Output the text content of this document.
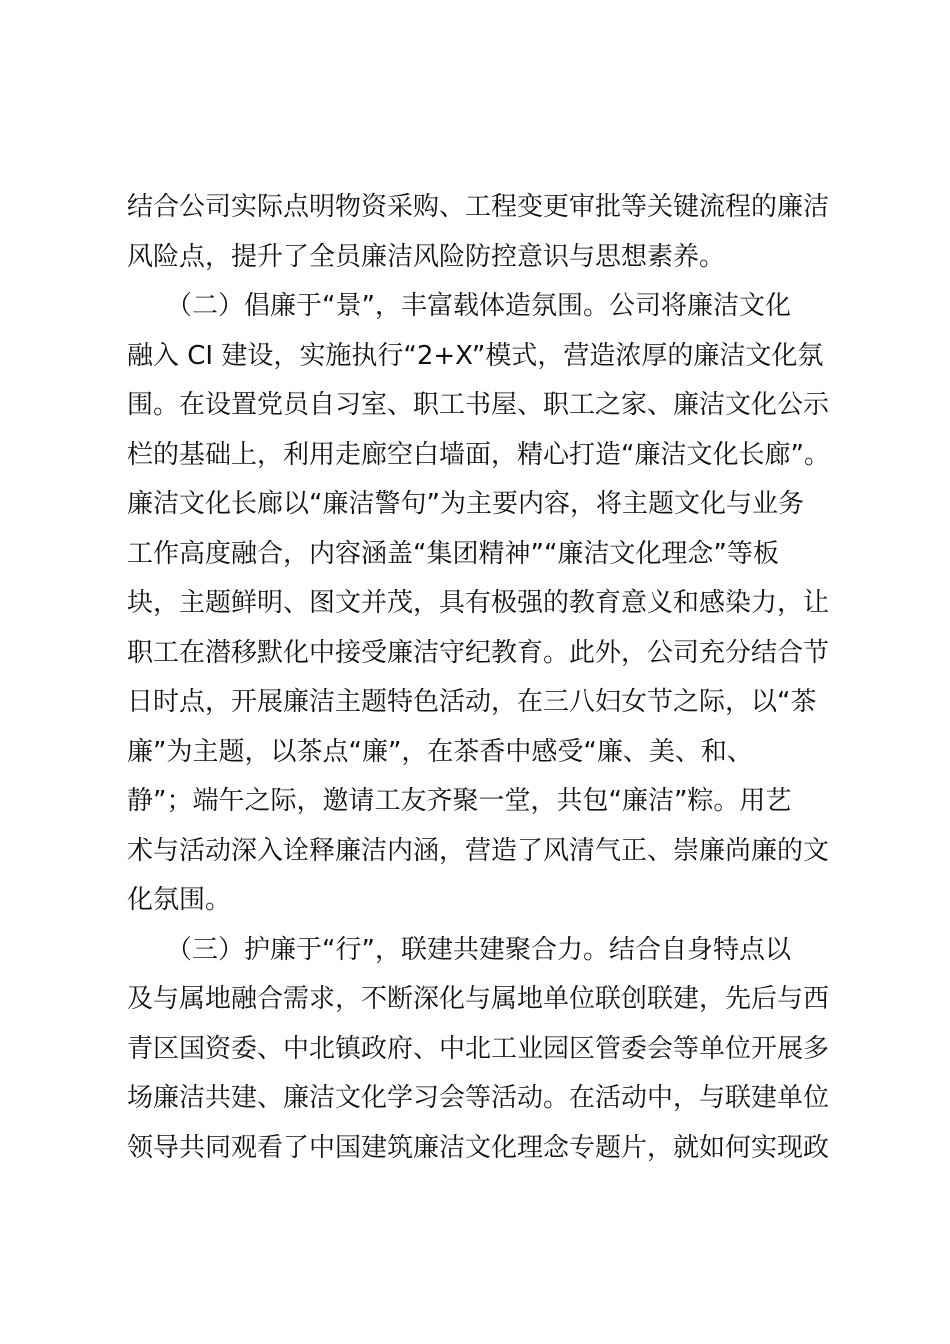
结合公司实际点明物资采购、工程变更审批等关键流程的廉洁
风险点，提升了全员廉洁风险防控意识与思想素养。
　　（二）倡廉于“景”，丰富载体造氛围。公司将廉洁文化
融入 CI 建设，实施执行“2+X”模式，营造浓厚的廉洁文化氛
围。在设置党员自习室、职工书屋、职工之家、廉洁文化公示
栏的基础上，利用走廊空白墙面，精心打造“廉洁文化长廊”。
廉洁文化长廊以“廉洁警句”为主要内容，将主题文化与业务
工作高度融合，内容涵盖“集团精神”“廉洁文化理念”等板
块，主题鲜明、图文并茂，具有极强的教育意义和感染力，让
职工在潜移默化中接受廉洁守纪教育。此外，公司充分结合节
日时点，开展廉洁主题特色活动，在三八妇女节之际，以“茶
廉”为主题，以茶点“廉”，在茶香中感受“廉、美、和、
静”；端午之际，邀请工友齐聚一堂，共包“廉洁”粽。用艺
术与活动深入诠释廉洁内涵，营造了风清气正、崇廉尚廉的文
化氛围。
　　（三）护廉于“行”，联建共建聚合力。结合自身特点以
及与属地融合需求，不断深化与属地单位联创联建，先后与西
青区国资委、中北镇政府、中北工业园区管委会等单位开展多
场廉洁共建、廉洁文化学习会等活动。在活动中，与联建单位
领导共同观看了中国建筑廉洁文化理念专题片，就如何实现政
